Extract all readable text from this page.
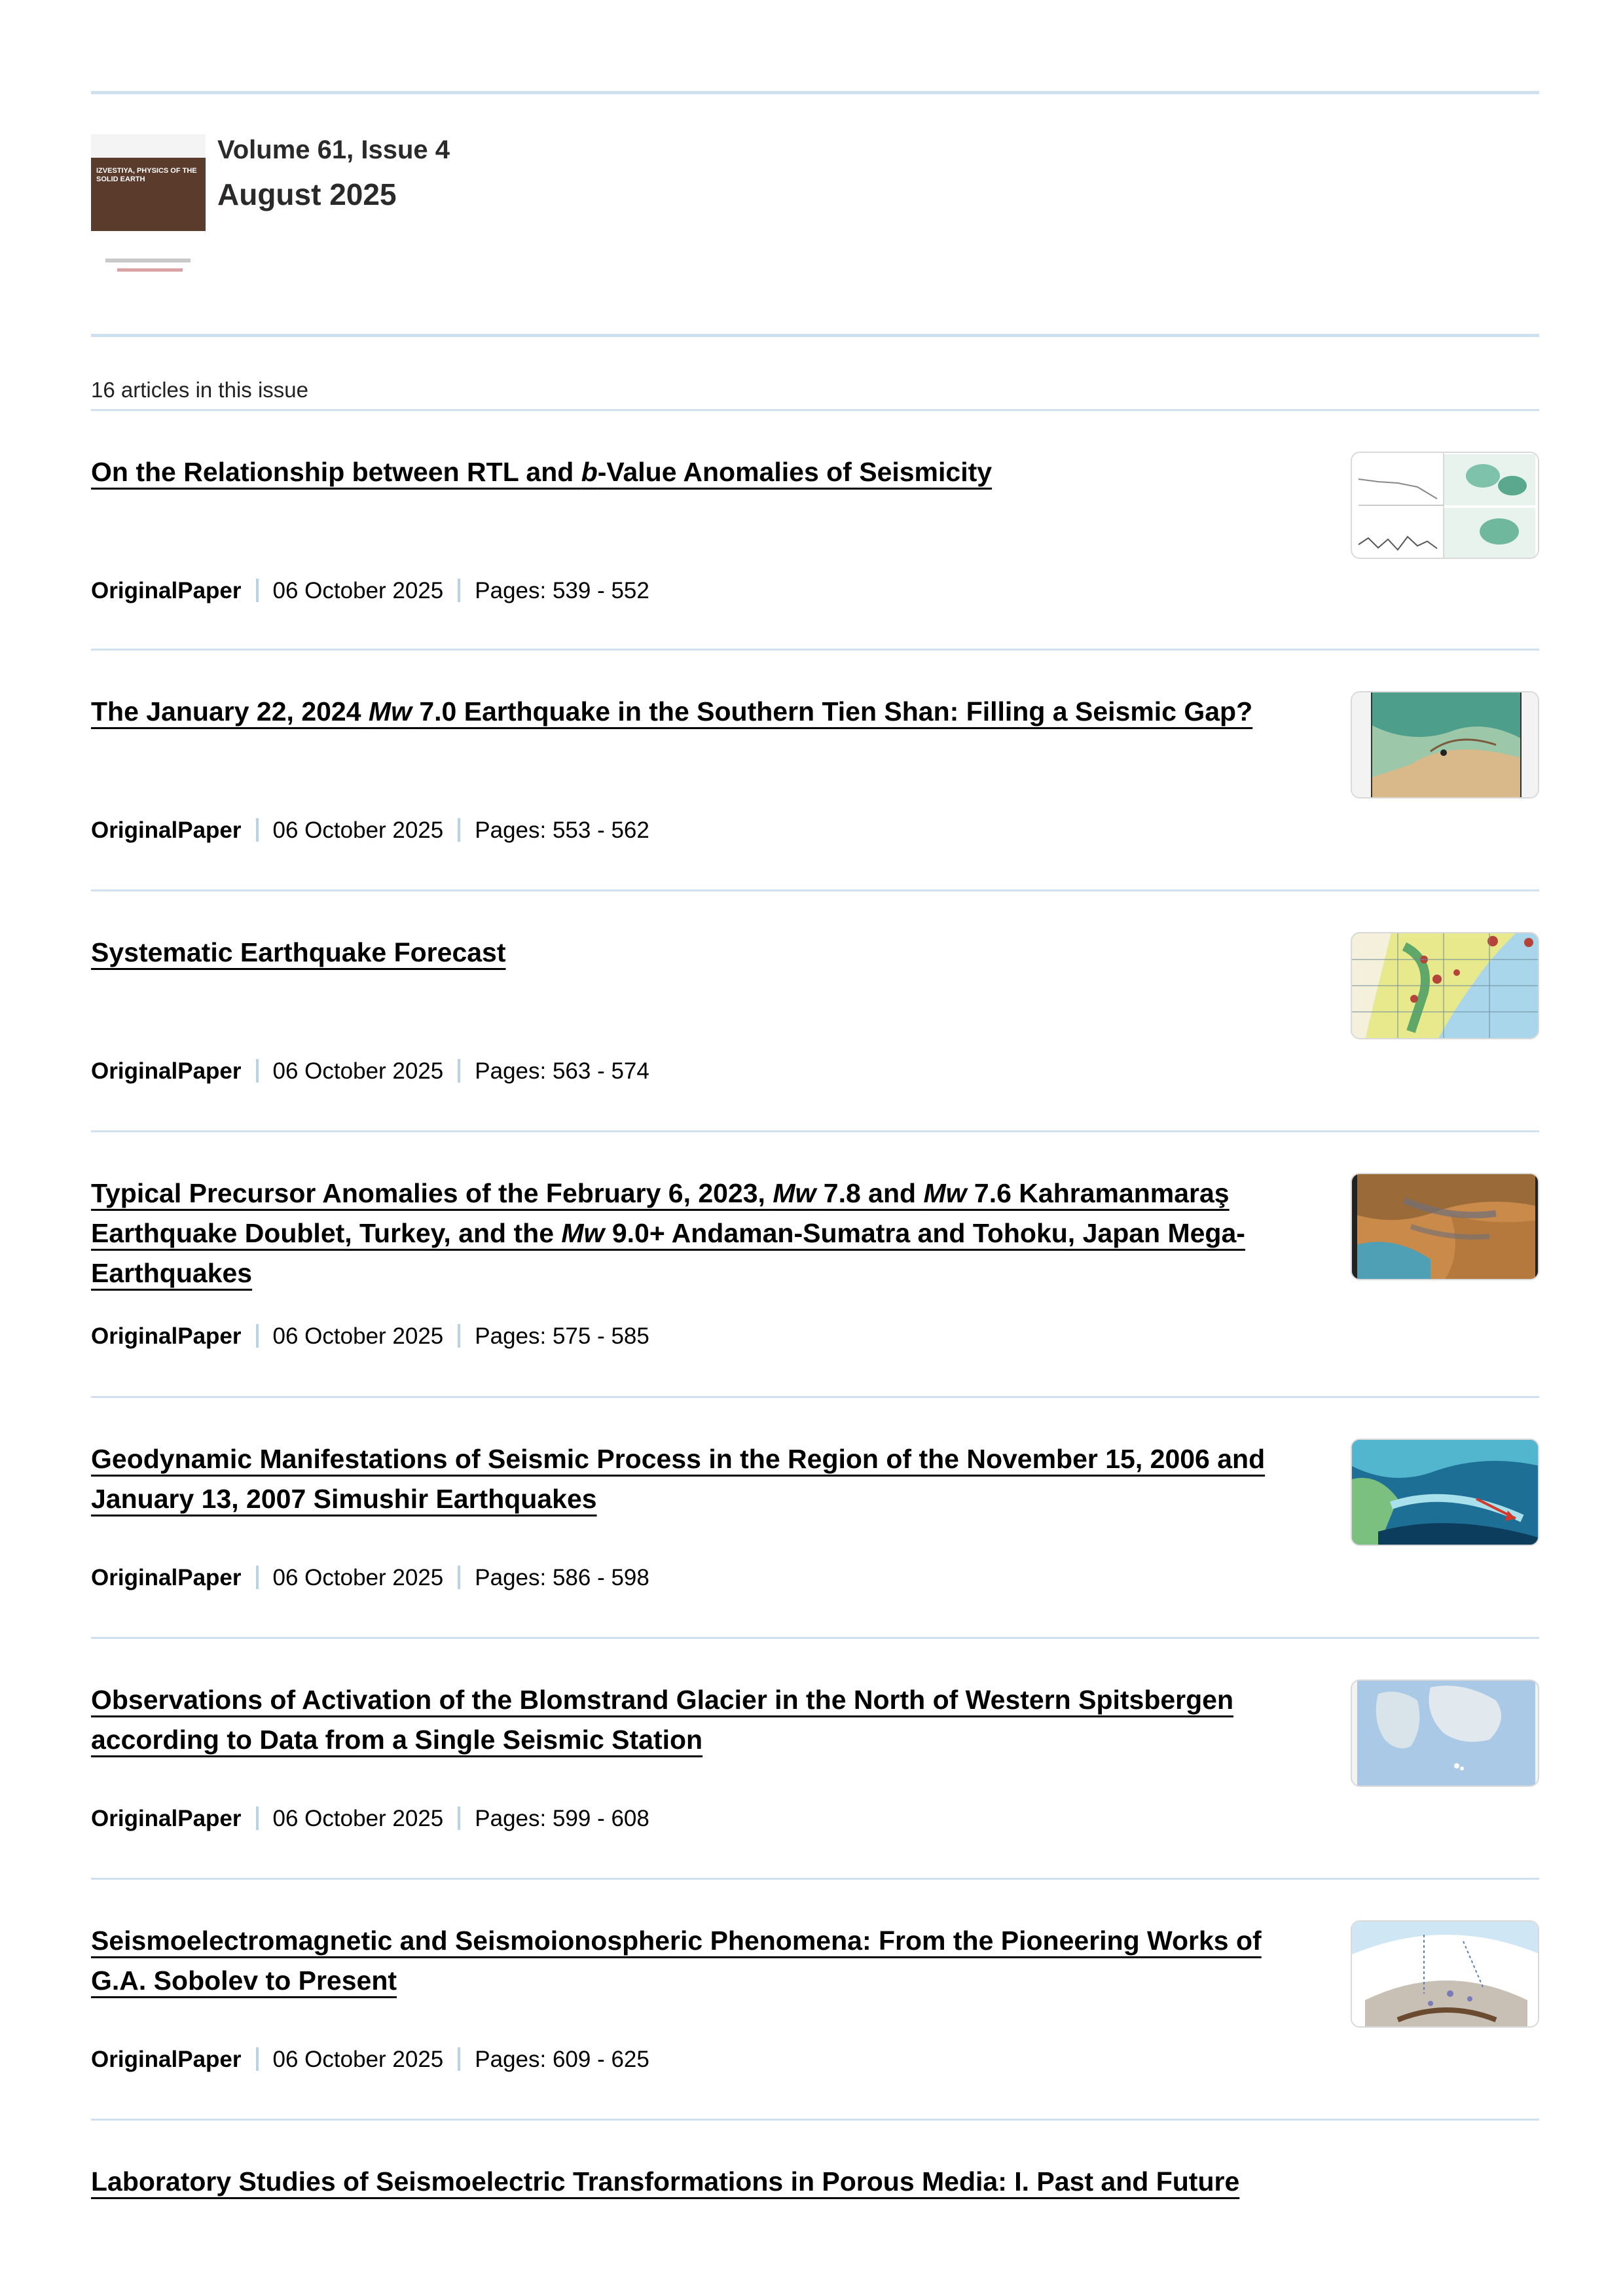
IZVESTIYA, PHYSICS OF THE SOLID EARTH
Volume 61, Issue 4
August 2025
16 articles in this issue
On the Relationship between RTL and b-Value Anomalies of Seismicity
OriginalPaper 06 October 2025 Pages: 539 - 552
The January 22, 2024 Mw 7.0 Earthquake in the Southern Tien Shan: Filling a Seismic Gap?
OriginalPaper 06 October 2025 Pages: 553 - 562
Systematic Earthquake Forecast
OriginalPaper 06 October 2025 Pages: 563 - 574
Typical Precursor Anomalies of the February 6, 2023, Mw 7.8 and Mw 7.6 Kahramanmaraş Earthquake Doublet, Turkey, and the Mw 9.0+ Andaman-Sumatra and Tohoku, Japan Mega-Earthquakes
OriginalPaper 06 October 2025 Pages: 575 - 585
Geodynamic Manifestations of Seismic Process in the Region of the November 15, 2006 and January 13, 2007 Simushir Earthquakes
OriginalPaper 06 October 2025 Pages: 586 - 598
Observations of Activation of the Blomstrand Glacier in the North of Western Spitsbergen according to Data from a Single Seismic Station
OriginalPaper 06 October 2025 Pages: 599 - 608
Seismoelectromagnetic and Seismoionospheric Phenomena: From the Pioneering Works of G.A. Sobolev to Present
OriginalPaper 06 October 2025 Pages: 609 - 625
Laboratory Studies of Seismoelectric Transformations in Porous Media: I. Past and Future
